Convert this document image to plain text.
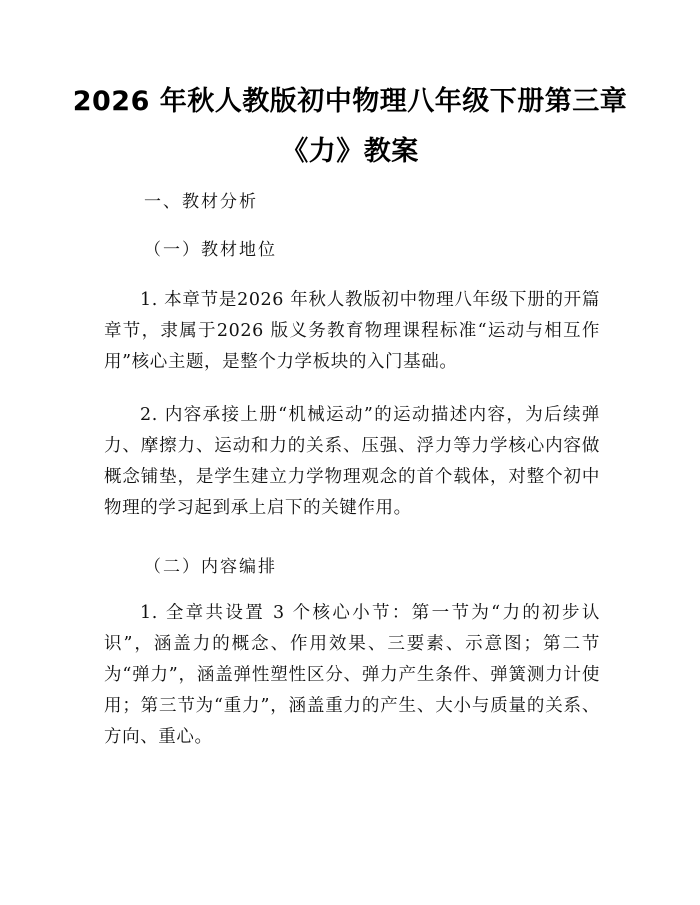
2026 年秋人教版初中物理八年级下册第三章
《力》教案
一、教材分析
（一）教材地位
1. 本章节是2026 年秋人教版初中物理八年级下册的开篇章节，隶属于2026 版义务教育物理课程标准“运动与相互作用”核心主题，是整个力学板块的入门基础。
2. 内容承接上册“机械运动”的运动描述内容，为后续弹力、摩擦力、运动和力的关系、压强、浮力等力学核心内容做概念铺垫，是学生建立力学物理观念的首个载体，对整个初中物理的学习起到承上启下的关键作用。
（二）内容编排
1. 全章共设置 3 个核心小节：第一节为“力的初步认识”，涵盖力的概念、作用效果、三要素、示意图；第二节为“弹力”，涵盖弹性塑性区分、弹力产生条件、弹簧测力计使用；第三节为“重力”，涵盖重力的产生、大小与质量的关系、方向、重心。
